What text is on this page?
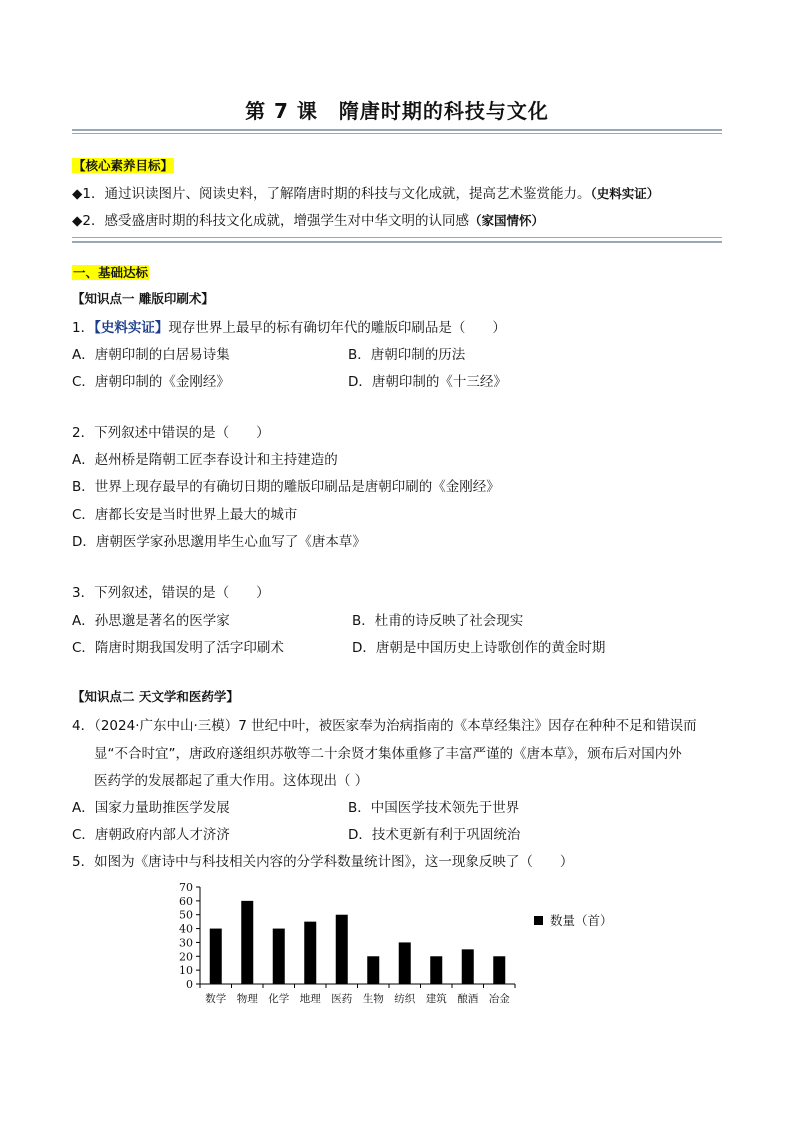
第 7 课　隋唐时期的科技与文化
【核心素养目标】
◆1．通过识读图片、阅读史料，了解隋唐时期的科技与文化成就，提高艺术鉴赏能力。（史料实证）
◆2．感受盛唐时期的科技文化成就，增强学生对中华文明的认同感（家国情怀）
一、基础达标
【知识点一 雕版印刷术】
1．【史料实证】现存世界上最早的标有确切年代的雕版印刷品是（　　）
A．唐朝印制的白居易诗集	B．唐朝印制的历法
C．唐朝印制的《金刚经》	D．唐朝印制的《十三经》
2．下列叙述中错误的是（　　）
A．赵州桥是隋朝工匠李春设计和主持建造的
B．世界上现存最早的有确切日期的雕版印刷品是唐朝印刷的《金刚经》
C．唐都长安是当时世界上最大的城市
D．唐朝医学家孙思邈用毕生心血写了《唐本草》
3．下列叙述，错误的是（　　）
A．孙思邈是著名的医学家	B．杜甫的诗反映了社会现实
C．隋唐时期我国发明了活字印刷术	D．唐朝是中国历史上诗歌创作的黄金时期
【知识点二 天文学和医药学】
4．（2024·广东中山·三模）7 世纪中叶，被医家奉为治病指南的《本草经集注》因存在种种不足和错误而
显“不合时宜”，唐政府遂组织苏敬等二十余贤才集体重修了丰富严谨的《唐本草》，颁布后对国内外
医药学的发展都起了重大作用。这体现出（ ）
A．国家力量助推医学发展	B．中国医学技术领先于世界
C．唐朝政府内部人才济济	D．技术更新有利于巩固统治
5．如图为《唐诗中与科技相关内容的分学科数量统计图》，这一现象反映了（　　）
0
10
20
30
40
50
60
70
数学 物理 化学 地理 医药 生物 纺织 建筑 酿酒 冶金
数量（首）
